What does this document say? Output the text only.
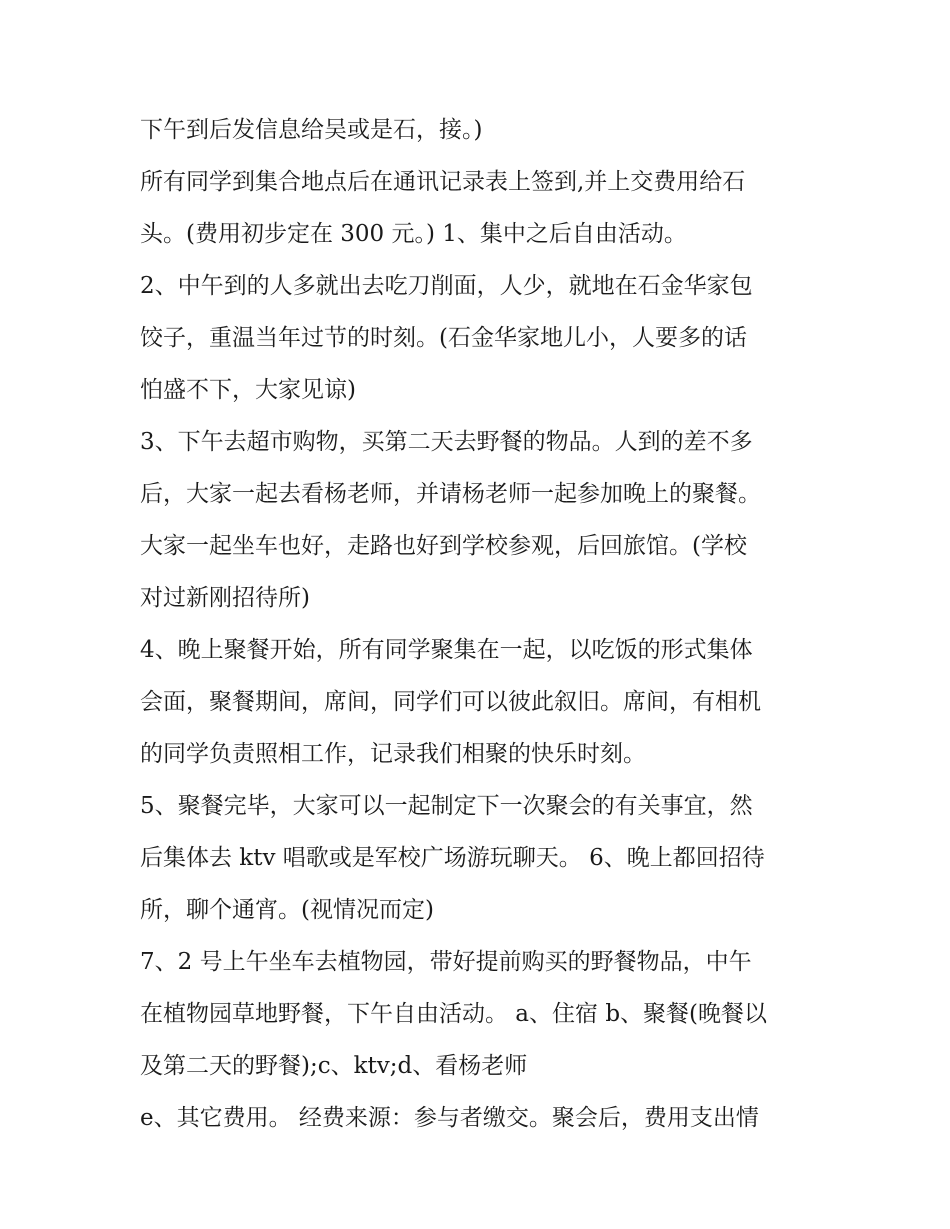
下午到后发信息给吴或是石，接。)
所有同学到集合地点后在通讯记录表上签到,并上交费用给石
头。(费用初步定在 300 元。) 1、集中之后自由活动。
2、中午到的人多就出去吃刀削面，人少，就地在石金华家包
饺子，重温当年过节的时刻。(石金华家地儿小，人要多的话
怕盛不下，大家见谅)
3、下午去超市购物，买第二天去野餐的物品。人到的差不多
后，大家一起去看杨老师，并请杨老师一起参加晚上的聚餐。
大家一起坐车也好，走路也好到学校参观，后回旅馆。(学校
对过新刚招待所)
4、晚上聚餐开始，所有同学聚集在一起，以吃饭的形式集体
会面，聚餐期间，席间，同学们可以彼此叙旧。席间，有相机
的同学负责照相工作，记录我们相聚的快乐时刻。
5、聚餐完毕，大家可以一起制定下一次聚会的有关事宜，然
后集体去 ktv 唱歌或是军校广场游玩聊天。 6、晚上都回招待
所，聊个通宵。(视情况而定)
7、2 号上午坐车去植物园，带好提前购买的野餐物品，中午
在植物园草地野餐，下午自由活动。 a、住宿 b、聚餐(晚餐以
及第二天的野餐);c、ktv;d、看杨老师
e、其它费用。 经费来源：参与者缴交。聚会后，费用支出情
